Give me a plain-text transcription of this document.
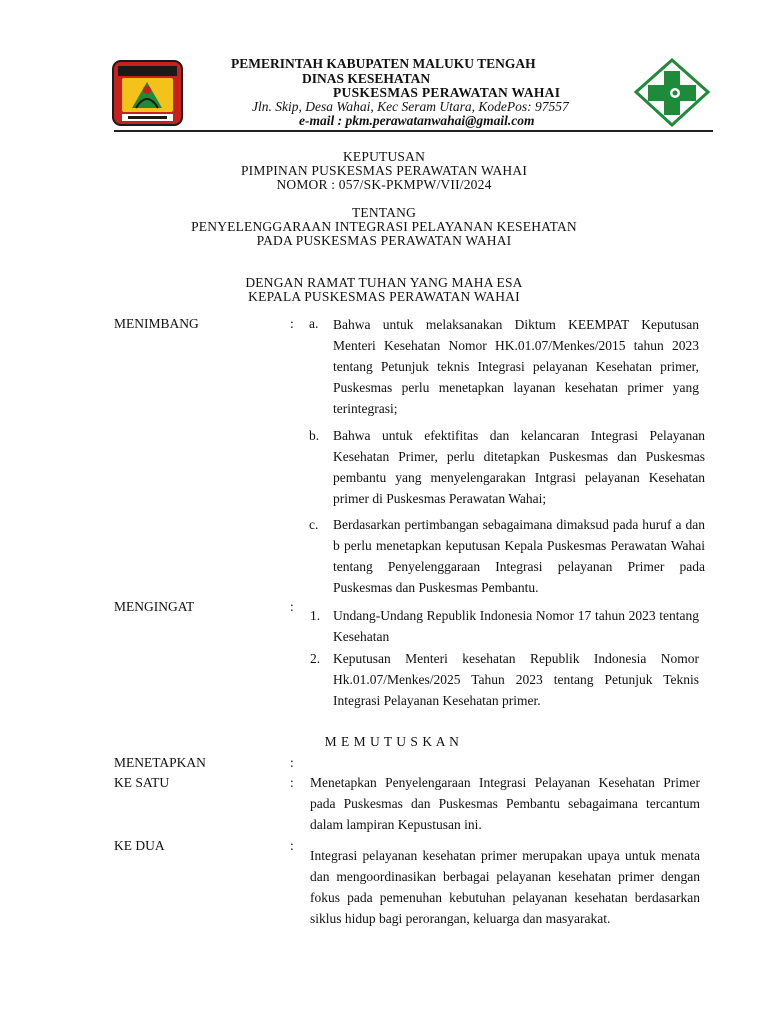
PEMERINTAH KABUPATEN MALUKU TENGAH
DINAS KESEHATAN
PUSKESMAS PERAWATAN WAHAI
Jln. Skip, Desa Wahai, Kec Seram Utara, KodePos: 97557
e-mail : pkm.perawatanwahai@gmail.com
KEPUTUSAN
PIMPINAN PUSKESMAS PERAWATAN WAHAI
NOMOR : 057/SK-PKMPW/VII/2024
TENTANG
PENYELENGGARAAN INTEGRASI PELAYANAN KESEHATAN
PADA PUSKESMAS PERAWATAN WAHAI
DENGAN RAMAT TUHAN YANG MAHA ESA
KEPALA PUSKESMAS PERAWATAN WAHAI
MENIMBANG	: a. Bahwa untuk melaksanakan Diktum KEEMPAT Keputusan Menteri Kesehatan Nomor HK.01.07/Menkes/2015 tahun 2023 tentang Petunjuk teknis Integrasi pelayanan Kesehatan primer, Puskesmas perlu menetapkan layanan kesehatan primer yang terintegrasi;
b. Bahwa untuk efektifitas dan kelancaran Integrasi Pelayanan Kesehatan Primer, perlu ditetapkan Puskesmas dan Puskesmas pembantu yang menyelengarakan Intgrasi pelayanan Kesehatan primer di Puskesmas Perawatan Wahai;
c. Berdasarkan pertimbangan sebagaimana dimaksud pada huruf a dan b perlu menetapkan keputusan Kepala Puskesmas Perawatan Wahai tentang Penyelenggaraan Integrasi pelayanan Primer pada Puskesmas dan Puskesmas Pembantu.
MENGINGAT	:
1. Undang-Undang Republik Indonesia Nomor 17 tahun 2023 tentang Kesehatan
2. Keputusan Menteri kesehatan Republik Indonesia Nomor Hk.01.07/Menkes/2025 Tahun 2023 tentang Petunjuk Teknis Integrasi Pelayanan Kesehatan primer.
M E M U T U S K A N
MENETAPKAN	:
KE SATU	: Menetapkan Penyelengaraan Integrasi Pelayanan Kesehatan Primer pada Puskesmas dan Puskesmas Pembantu sebagaimana tercantum dalam lampiran Kepustusan ini.
KE DUA	:
Integrasi pelayanan kesehatan primer merupakan upaya untuk menata dan mengoordinasikan berbagai pelayanan kesehatan primer dengan fokus pada pemenuhan kebutuhan pelayanan kesehatan berdasarkan siklus hidup bagi perorangan, keluarga dan masyarakat.
